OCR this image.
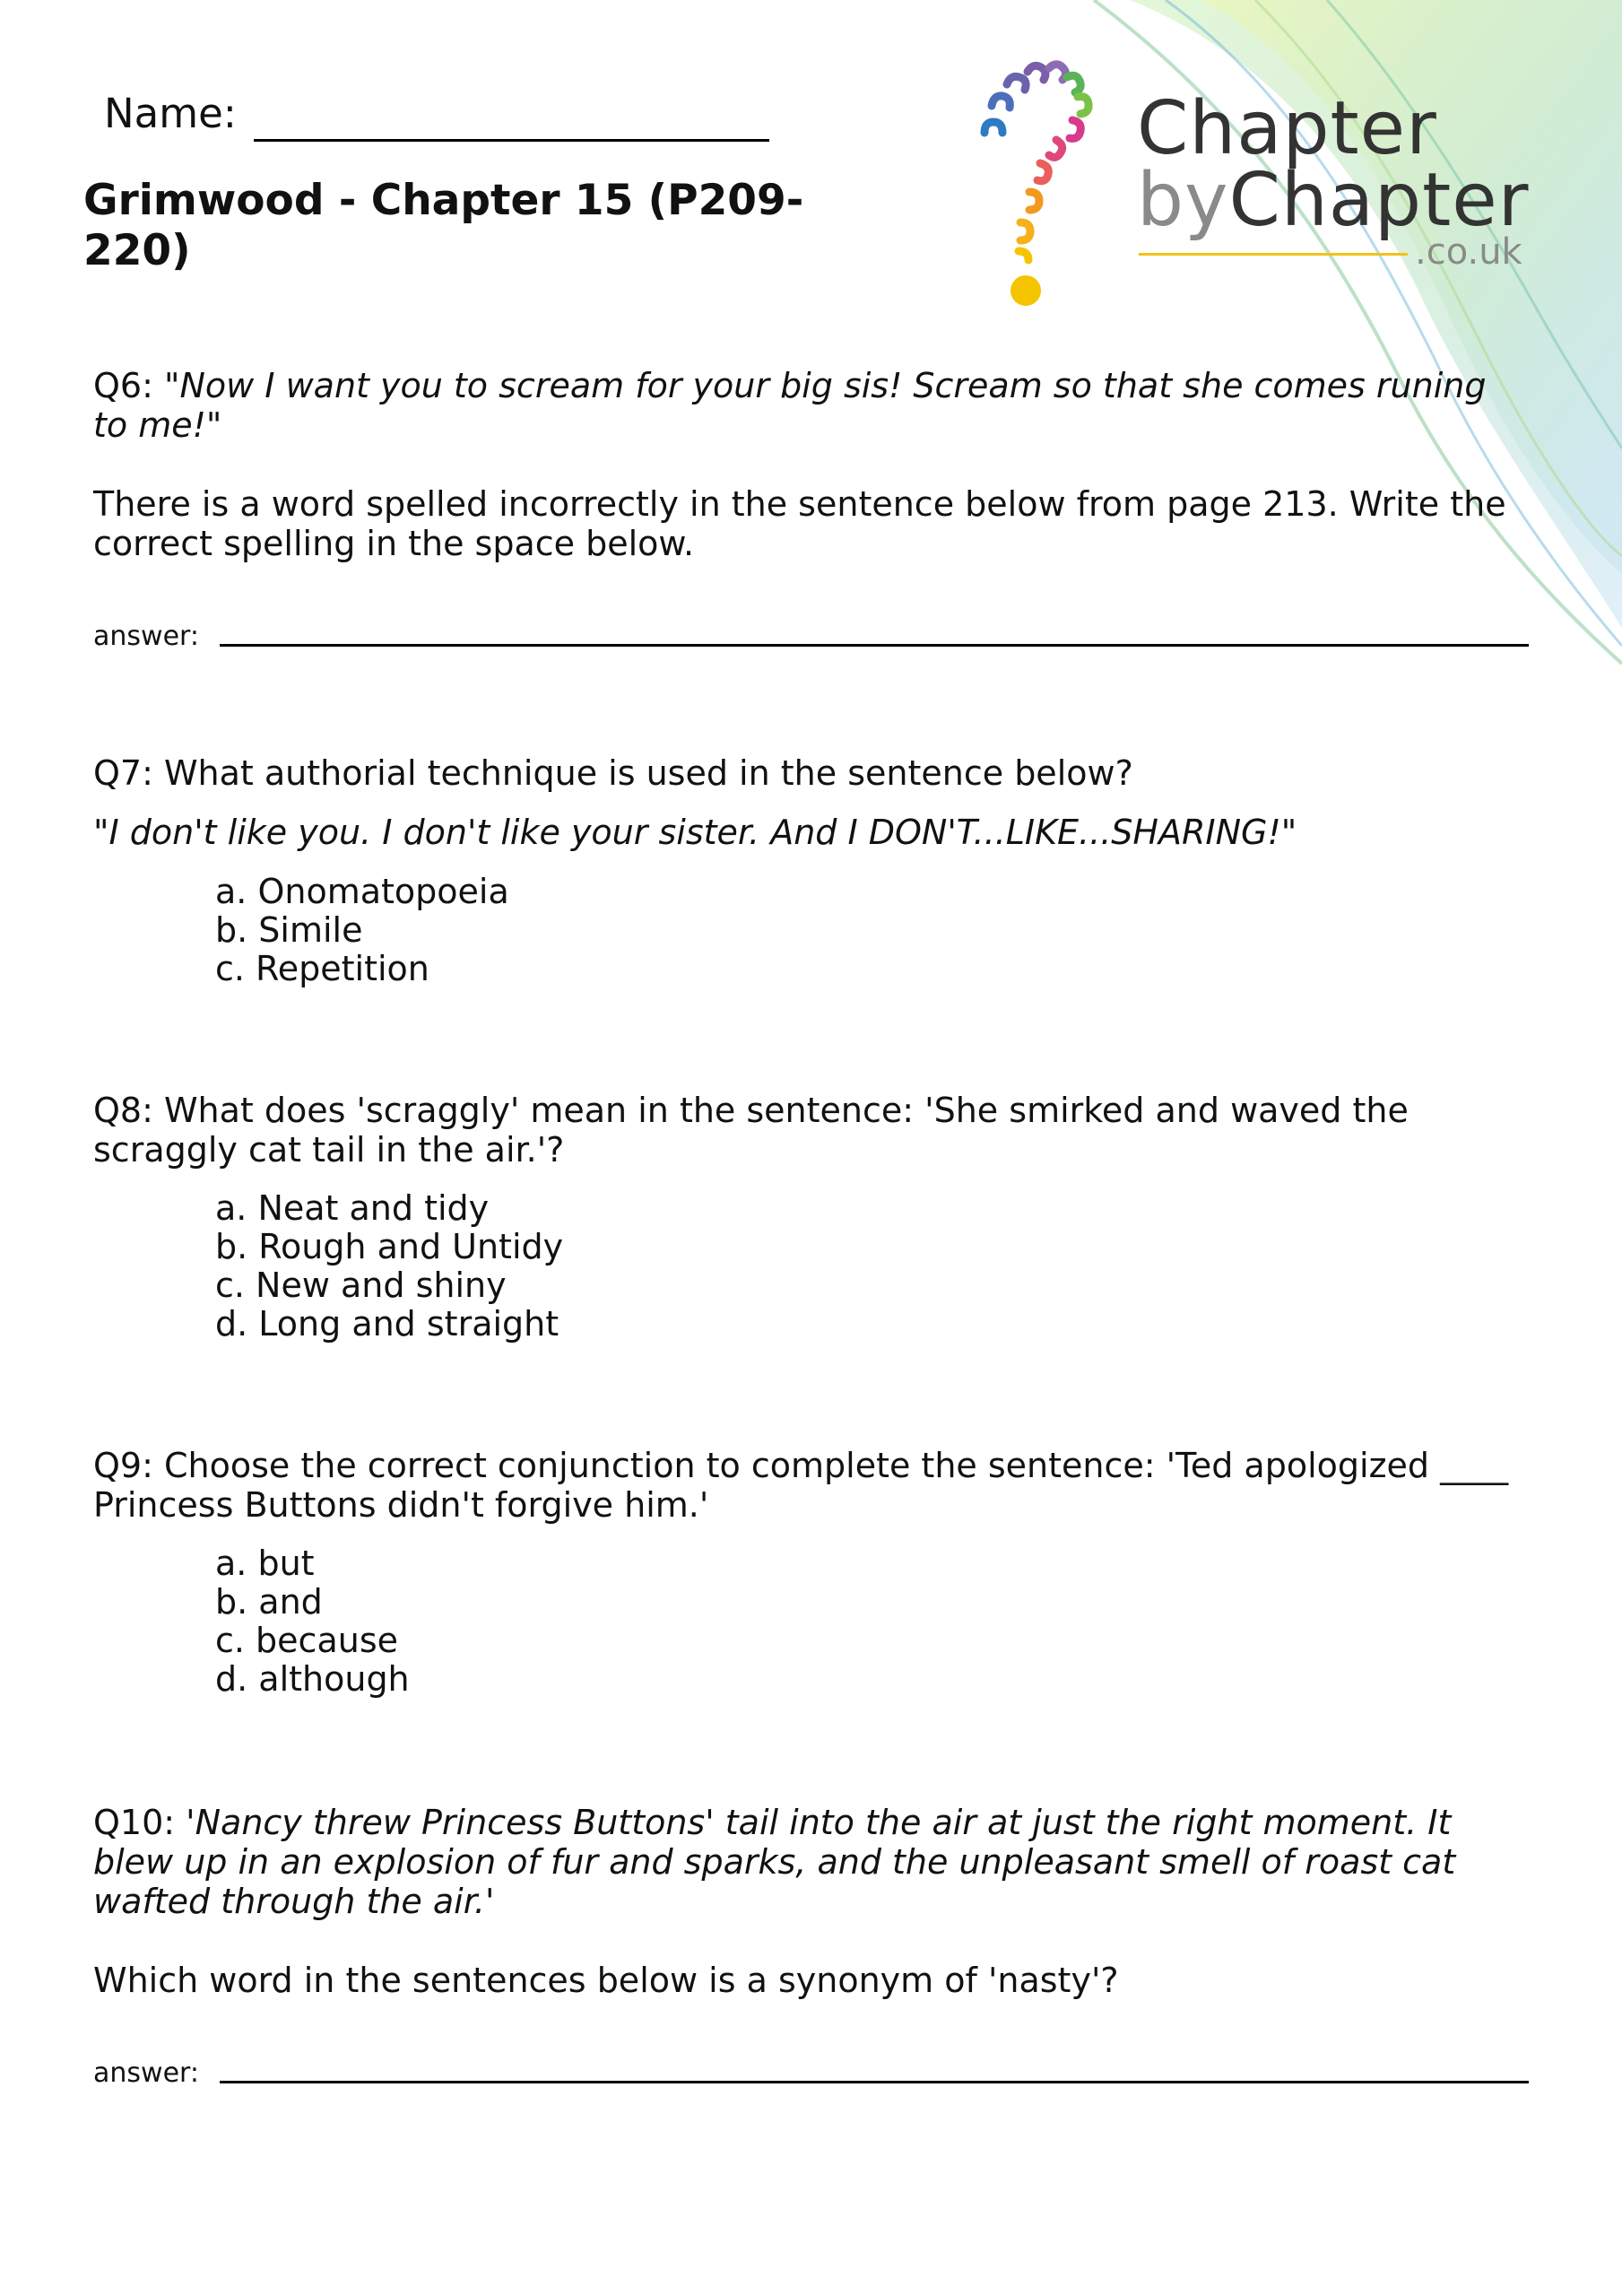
Chapter
byChapter
.co.uk
Name:
Grimwood - Chapter 15 (P209-220)
Q6: "Now I want you to scream for your big sis! Scream so that she comes runing to me!"
There is a word spelled incorrectly in the sentence below from page 213. Write the correct spelling in the space below.
answer:
Q7: What authorial technique is used in the sentence below?
"I don't like you. I don't like your sister. And I DON'T...LIKE...SHARING!"
a. Onomatopoeia
b. Simile
c. Repetition
Q8: What does 'scraggly' mean in the sentence: 'She smirked and waved the scraggly cat tail in the air.'?
a. Neat and tidy
b. Rough and Untidy
c. New and shiny
d. Long and straight
Q9: Choose the correct conjunction to complete the sentence: 'Ted apologized ____ Princess Buttons didn't forgive him.'
a. but
b. and
c. because
d. although
Q10: 'Nancy threw Princess Buttons' tail into the air at just the right moment. It blew up in an explosion of fur and sparks, and the unpleasant smell of roast cat wafted through the air.'
Which word in the sentences below is a synonym of 'nasty'?
answer:
